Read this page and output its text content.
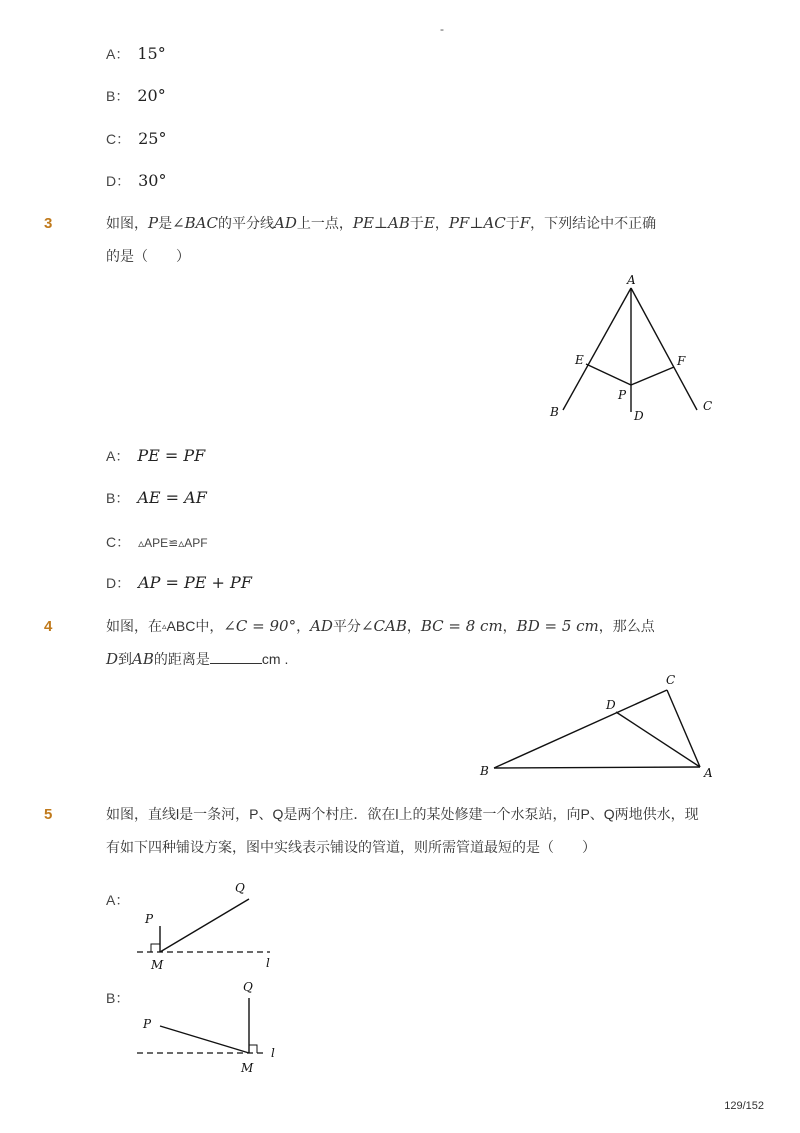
-
A： 15°
B： 20°
C： 25°
D： 30°
3	如图，P是∠BAC的平分线AD上一点，PE⊥AB于E，PF⊥AC于F，下列结论中不正确
的是（　　）
A
B	C
D
E	F
P
A： PE = PF
B： AE = AF
C： ▵APE≌▵APF
D： AP = PE + PF
4	如图，在▵ABC中，∠C = 90°，AD平分∠CAB，BC = 8 cm，BD = 5 cm，那么点
D到AB的距离是	cm .
B	A
C
D
5	如图，直线l是一条河，P、Q是两个村庄．欲在l上的某处修建一个水泵站，向P、Q两地供水，现
有如下四种铺设方案，图中实线表示铺设的管道，则所需管道最短的是（　　）
A：
P
Q
M	l
B：
P
Q
M
l
129/152
